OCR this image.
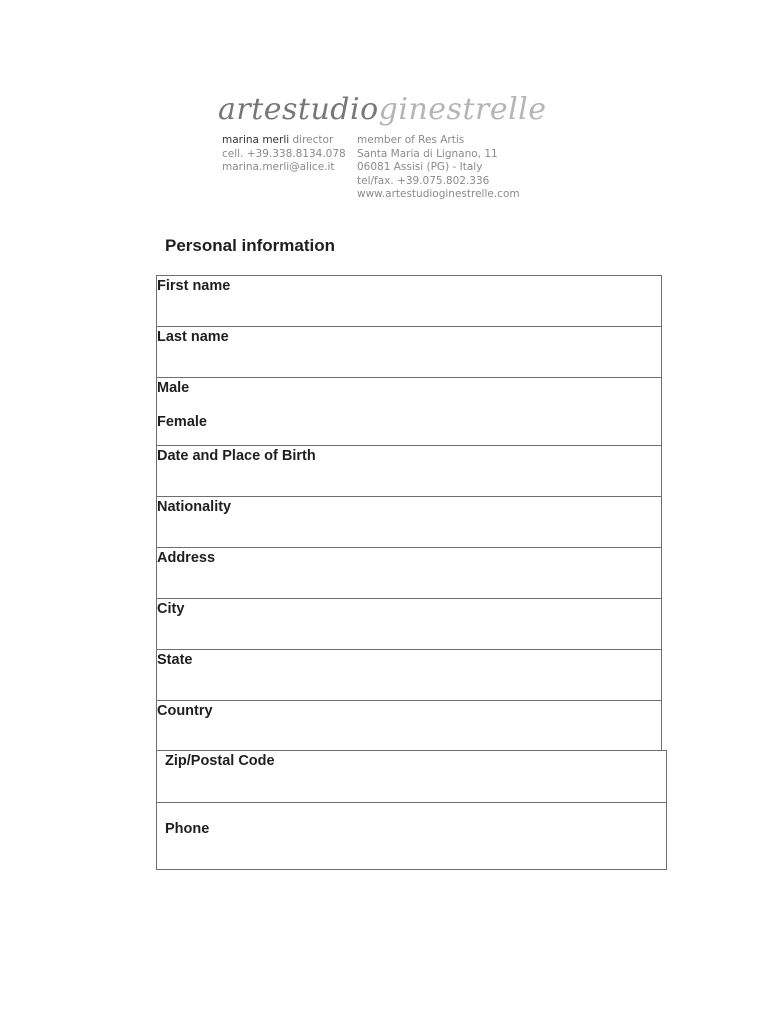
artestudioginestrelle
marina merli director
cell. +39.338.8134.078
marina.merli@alice.it
member of Res Artis
Santa Maria di Lignano, 11
06081 Assisi (PG) - Italy
tel/fax. +39.075.802.336
www.artestudioginestrelle.com
Personal information
First name
Last name
Male
Female
Date and Place of Birth
Nationality
Address
City
State
Country
Zip/Postal Code
Phone
